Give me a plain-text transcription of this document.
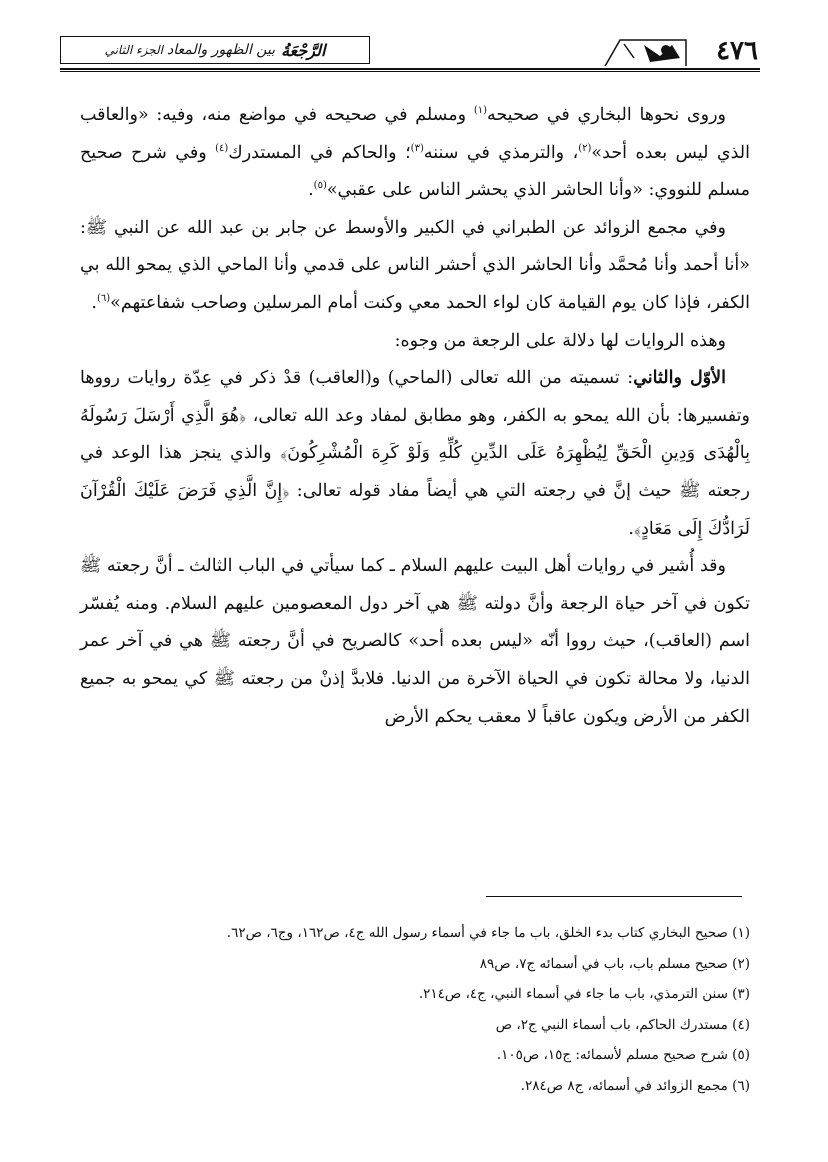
الرَّجْعَةُ
بين الظهور والمعاد
الجزء الثاني	٤٧٦

وروى نحوها البخاري في صحيحه$^{(١)}$ ومسلم في صحيحه في مواضع منه، وفيه: «والعاقب الذي ليس بعده أحد»$^{(٢)}$، والترمذي في سننه$^{(٣)}$؛ والحاكم في المستدرك$^{(٤)}$ وفي شرح صحيح مسلم للنووي: «وأنا الحاشر الذي يحشر الناس على عقبي»$^{(٥)}$.

وفي مجمع الزوائد عن الطبراني في الكبير والأوسط عن جابر بن عبد الله عن النبي ﷺ: «أنا أحمد وأنا مُحمَّد وأنا الحاشر الذي أحشر الناس على قدمي وأنا الماحي الذي يمحو الله بي الكفر، فإذا كان يوم القيامة كان لواء الحمد معي وكنت أمام المرسلين وصاحب شفاعتهم»$^{(٦)}$.

وهذه الروايات لها دلالة على الرجعة من وجوه:

الأوّل والثاني: تسميته من الله تعالى (الماحي) و(العاقب) قدْ ذكر في عِدّة روايات رووها وتفسيرها: بأن الله يمحو به الكفر، وهو مطابق لمفاد وعد الله تعالى، ﴿هُوَ الَّذِي أَرْسَلَ رَسُولَهُ بِالْهُدَى وَدِينِ الْحَقِّ لِيُظْهِرَهُ عَلَى الدِّينِ كُلِّهِ وَلَوْ كَرِهَ الْمُشْرِكُونَ﴾ والذي ينجز هذا الوعد في رجعته ﷺ حيث إنَّ في رجعته التي هي أيضاً مفاد قوله تعالى: ﴿إِنَّ الَّذِي فَرَضَ عَلَيْكَ الْقُرْآنَ لَرَادُّكَ إِلَى مَعَادٍ﴾.

وقد أُشير في روايات أهل البيت عليهم السلام ـ كما سيأتي في الباب الثالث ـ أنَّ رجعته ﷺ تكون في آخر حياة الرجعة وأنَّ دولته ﷺ هي آخر دول المعصومين عليهم السلام. ومنه يُفسّر اسم (العاقب)، حيث رووا أنّه «ليس بعده أحد» كالصريح في أنَّ رجعته ﷺ هي في آخر عمر الدنيا، ولا محالة تكون في الحياة الآخرة من الدنيا. فلابدَّ إذنْ من رجعته ﷺ كي يمحو به جميع الكفر من الأرض ويكون عاقباً لا معقب يحكم الأرض

(١) صحيح البخاري كتاب بدء الخلق، باب ما جاء في أسماء رسول الله ج٤، ص١٦٢، وج٦، ص٦٢.
(٢) صحيح مسلم باب، باب في أسمائه ج٧، ص٨٩
(٣) سنن الترمذي، باب ما جاء في أسماء النبي، ج٤، ص٢١٤.
(٤) مستدرك الحاكم، باب أسماء النبي ج٢، ص
(٥) شرح صحيح مسلم لأسمائه: ج١٥، ص١٠٥.
(٦) مجمع الزوائد في أسمائه، ج٨ ص٢٨٤.
